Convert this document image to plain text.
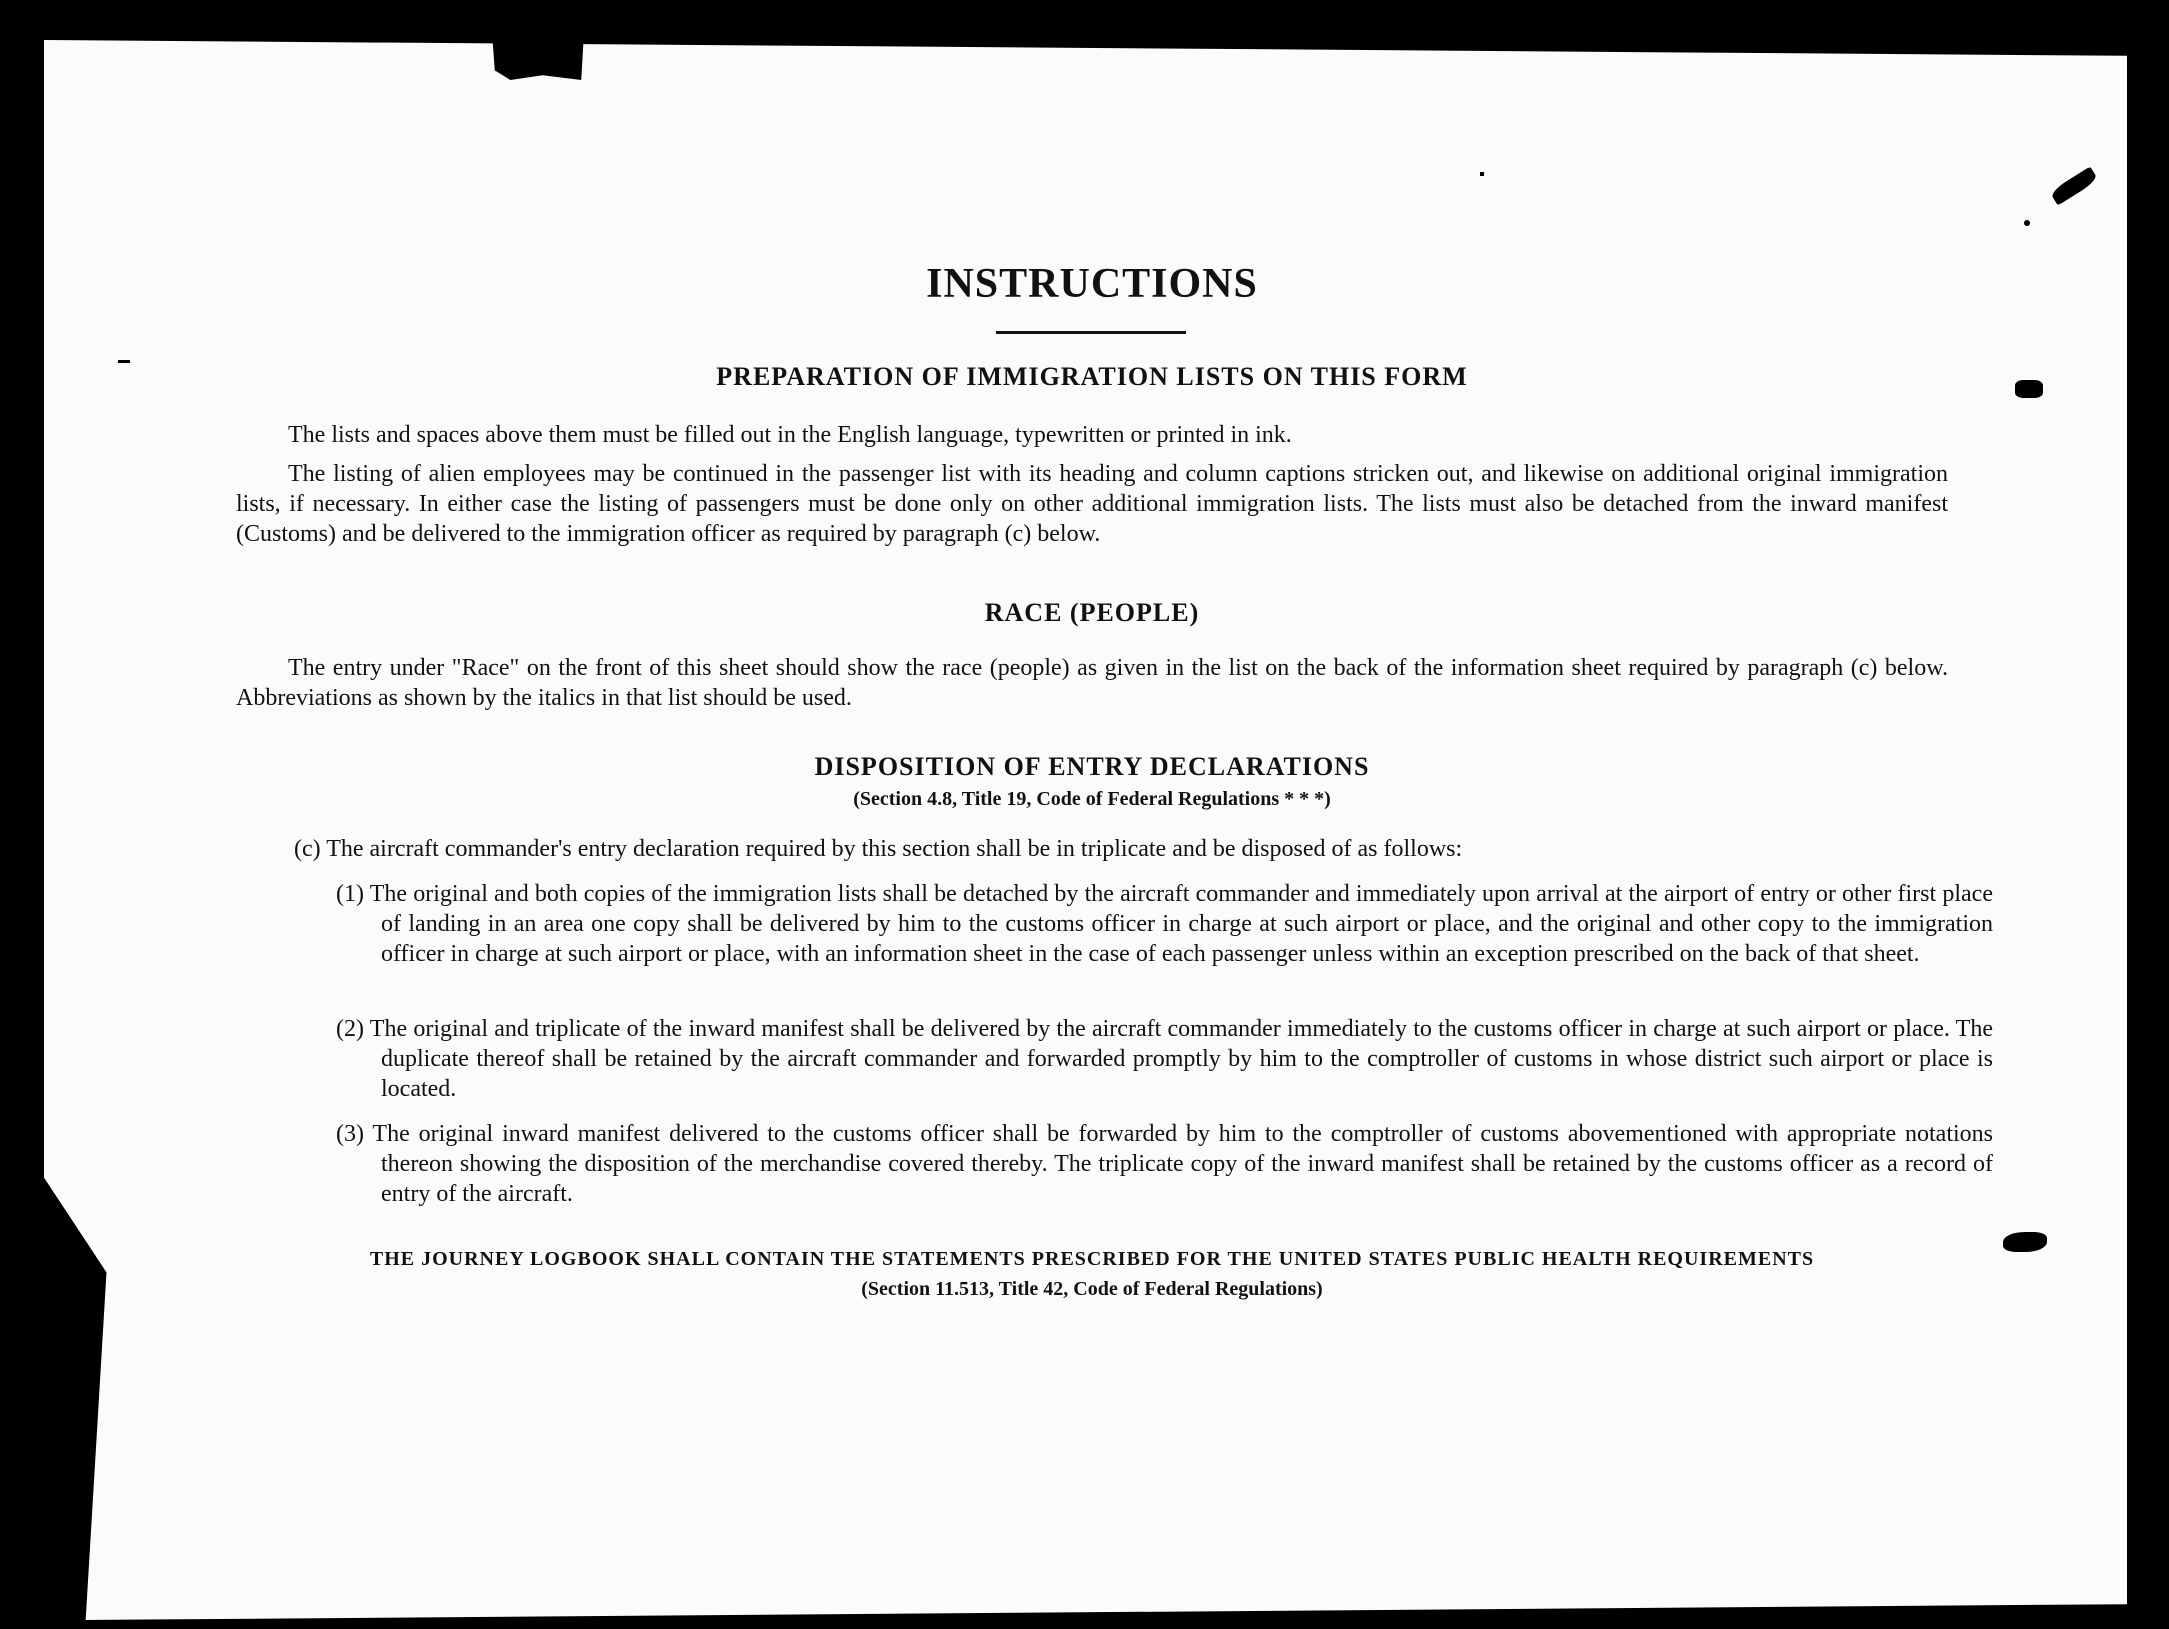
INSTRUCTIONS
PREPARATION OF IMMIGRATION LISTS ON THIS FORM
The lists and spaces above them must be filled out in the English language, typewritten or printed in ink.
The listing of alien employees may be continued in the passenger list with its heading and column captions stricken out, and likewise on additional original immigration lists, if necessary. In either case the listing of passengers must be done only on other additional immigration lists. The lists must also be detached from the inward manifest (Customs) and be delivered to the immigration officer as required by paragraph (c) below.
RACE (PEOPLE)
The entry under "Race" on the front of this sheet should show the race (people) as given in the list on the back of the information sheet required by paragraph (c) below. Abbreviations as shown by the italics in that list should be used.
DISPOSITION OF ENTRY DECLARATIONS
(Section 4.8, Title 19, Code of Federal Regulations * * *)
(c) The aircraft commander's entry declaration required by this section shall be in triplicate and be disposed of as follows:
(1) The original and both copies of the immigration lists shall be detached by the aircraft commander and immediately upon arrival at the airport of entry or other first place of landing in an area one copy shall be delivered by him to the customs officer in charge at such airport or place, and the original and other copy to the immigration officer in charge at such airport or place, with an information sheet in the case of each passenger unless within an exception prescribed on the back of that sheet.
(2) The original and triplicate of the inward manifest shall be delivered by the aircraft commander immediately to the customs officer in charge at such airport or place. The duplicate thereof shall be retained by the aircraft commander and forwarded promptly by him to the comptroller of customs in whose district such airport or place is located.
(3) The original inward manifest delivered to the customs officer shall be forwarded by him to the comptroller of customs abovementioned with appropriate notations thereon showing the disposition of the merchandise covered thereby. The triplicate copy of the inward manifest shall be retained by the customs officer as a record of entry of the aircraft.
THE JOURNEY LOGBOOK SHALL CONTAIN THE STATEMENTS PRESCRIBED FOR THE UNITED STATES PUBLIC HEALTH REQUIREMENTS
(Section 11.513, Title 42, Code of Federal Regulations)
